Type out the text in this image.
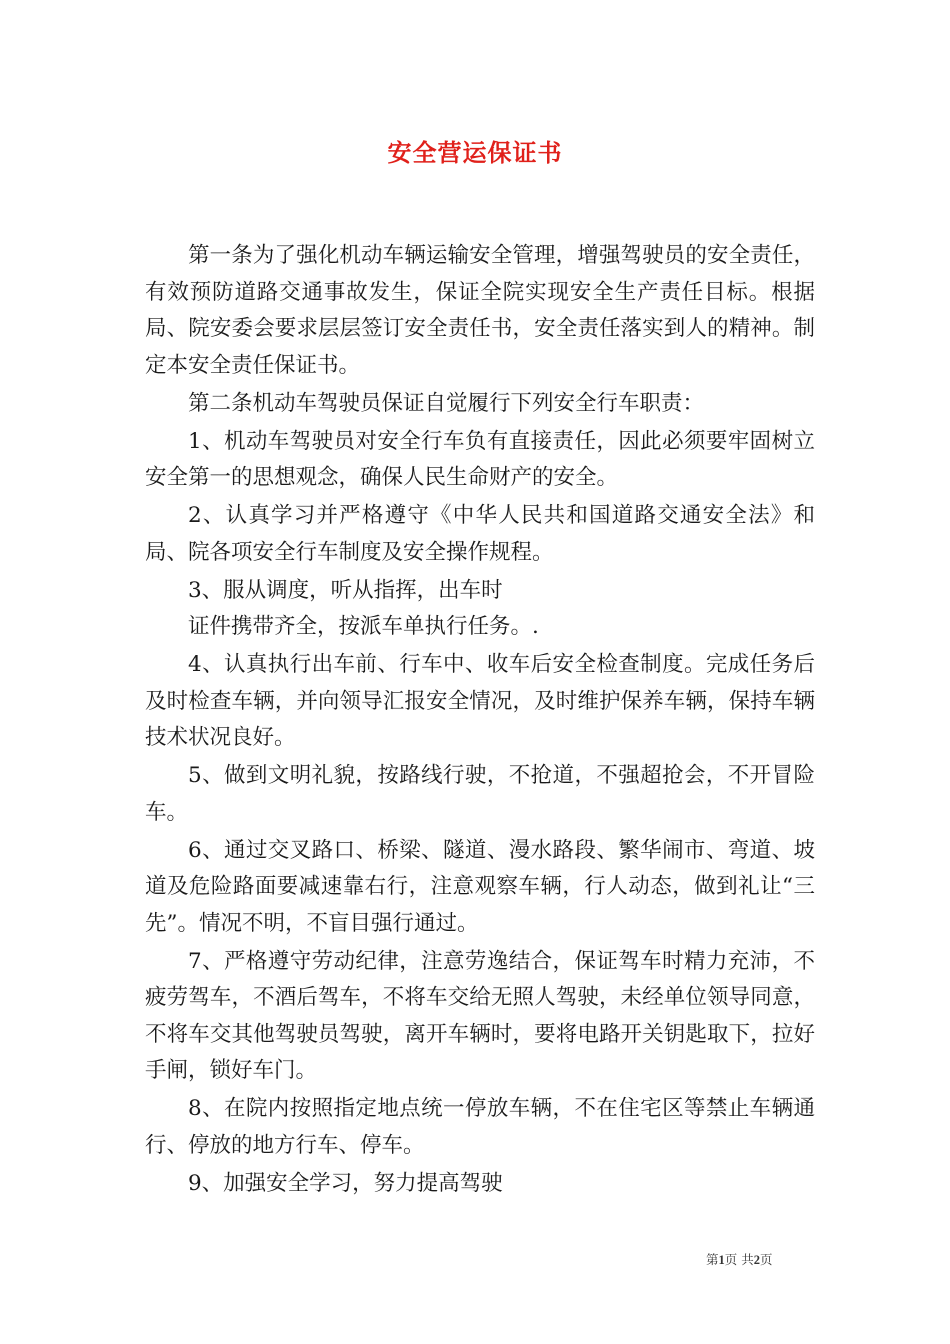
安全营运保证书

第一条为了强化机动车辆运输安全管理，增强驾驶员的安全责任，有效预防道路交通事故发生，保证全院实现安全生产责任目标。根据局、院安委会要求层层签订安全责任书，安全责任落实到人的精神。制定本安全责任保证书。

第二条机动车驾驶员保证自觉履行下列安全行车职责：

1、机动车驾驶员对安全行车负有直接责任，因此必须要牢固树立安全第一的思想观念，确保人民生命财产的安全。

2、认真学习并严格遵守《中华人民共和国道路交通安全法》和局、院各项安全行车制度及安全操作规程。

3、服从调度，听从指挥，出车时

证件携带齐全，按派车单执行任务。.

4、认真执行出车前、行车中、收车后安全检查制度。完成任务后及时检查车辆，并向领导汇报安全情况，及时维护保养车辆，保持车辆技术状况良好。

5、做到文明礼貌，按路线行驶，不抢道，不强超抢会，不开冒险车。

6、通过交叉路口、桥梁、隧道、漫水路段、繁华闹市、弯道、坡道及危险路面要减速靠右行，注意观察车辆，行人动态，做到礼让“三先”。情况不明，不盲目强行通过。

7、严格遵守劳动纪律，注意劳逸结合，保证驾车时精力充沛，不疲劳驾车，不酒后驾车，不将车交给无照人驾驶，未经单位领导同意，不将车交其他驾驶员驾驶，离开车辆时，要将电路开关钥匙取下，拉好手闸，锁好车门。

8、在院内按照指定地点统一停放车辆，不在住宅区等禁止车辆通行、停放的地方行车、停车。

9、加强安全学习，努力提高驾驶

第1页 共2页
